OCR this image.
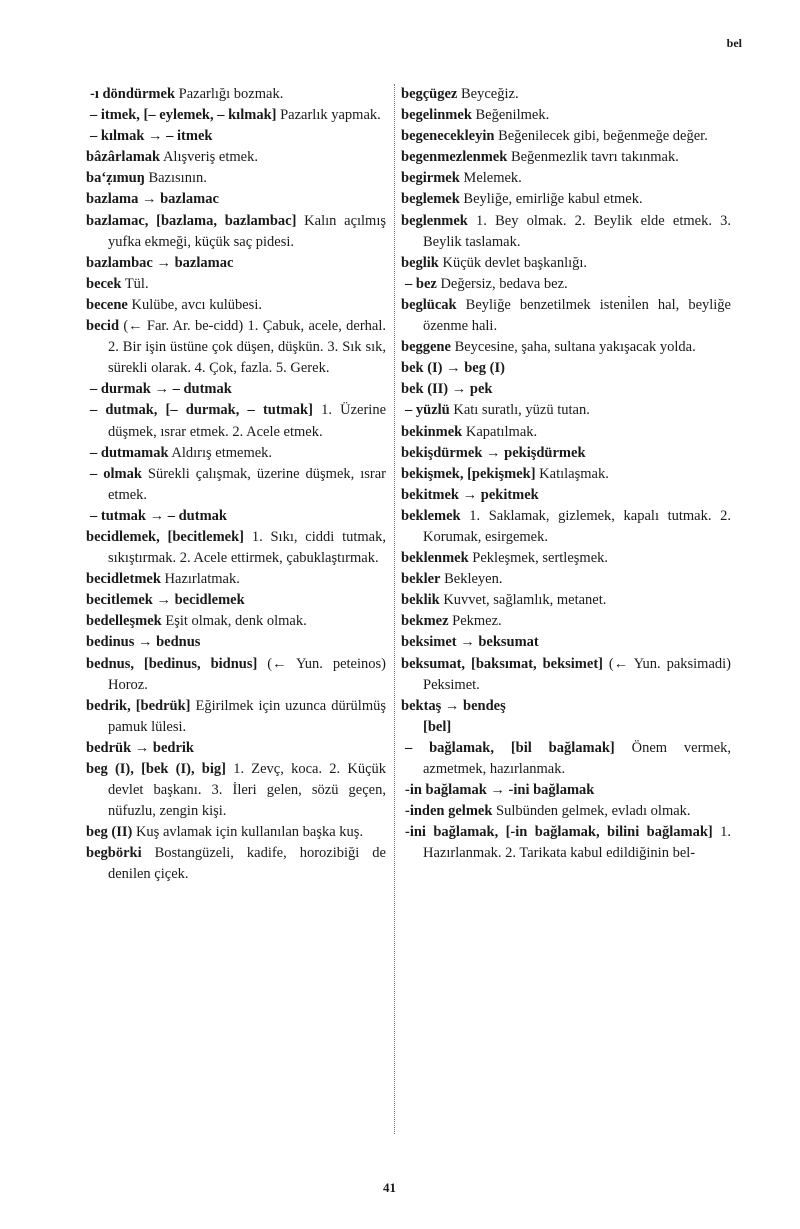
bel

-ı döndürmek Pazarlığı bozmak.

– itmek, [– eylemek, – kılmak] Pazarlık yapmak.

– kılmak → – itmek

bâzârlamak Alışveriş etmek.

ba‘ẓımuŋ Bazısının.

bazlama → bazlamac

bazlamac, [bazlama, bazlambac] Kalın açılmış yufka ekmeği, küçük saç pidesi.

bazlambac → bazlamac

becek Tül.

becene Kulübe, avcı kulübesi.

becid (← Far. Ar. be-cidd) 1. Çabuk, acele, derhal. 2. Bir işin üstüne çok düşen, düşkün. 3. Sık sık, sürekli olarak. 4. Çok, fazla. 5. Gerek.

– durmak → – dutmak

– dutmak, [– durmak, – tutmak] 1. Üzerine düşmek, ısrar etmek. 2. Acele etmek.

– dutmamak Aldırış etmemek.

– olmak Sürekli çalışmak, üzerine düşmek, ısrar etmek.

– tutmak → – dutmak

becidlemek, [becitlemek] 1. Sıkı, ciddi tutmak, sıkıştırmak. 2. Acele ettirmek, çabuklaştırmak.

becidletmek Hazırlatmak.

becitlemek → becidlemek

bedelleşmek Eşit olmak, denk olmak.

bedinus → bednus

bednus, [bedinus, bidnus] (← Yun. peteinos) Horoz.

bedrik, [bedrük] Eğirilmek için uzunca dürülmüş pamuk lülesi.

bedrük → bedrik

beg (I), [bek (I), big] 1. Zevç, koca. 2. Küçük devlet başkanı. 3. İleri gelen, sözü geçen, nüfuzlu, zengin kişi.

beg (II) Kuş avlamak için kullanılan başka kuş.

begbörki Bostangüzeli, kadife, horozibiği de denilen çiçek.

begçügez Beyceğiz.

begelinmek Beğenilmek.

begenecekleyin Beğenilecek gibi, beğenmeğe değer.

begenmezlenmek Beğenmezlik tavrı takınmak.

begirmek Melemek.

beglemek Beyliğe, emirliğe kabul etmek.

beglenmek 1. Bey olmak. 2. Beylik elde etmek. 3. Beylik taslamak.

beglik Küçük devlet başkanlığı.

– bez Değersiz, bedava bez.

beglücak Beyliğe benzetilmek isteni̇len hal, beyliğe özenme hali.

beggene Beycesine, şaha, sultana yakışacak yolda.

bek (I) → beg (I)

bek (II) → pek

– yüzlü Katı suratlı, yüzü tutan.

bekinmek Kapatılmak.

bekişdürmek → pekişdürmek

bekişmek, [pekişmek] Katılaşmak.

bekitmek → pekitmek

beklemek 1. Saklamak, gizlemek, kapalı tutmak. 2. Korumak, esirgemek.

beklenmek Pekleşmek, sertleşmek.

bekler Bekleyen.

beklik Kuvvet, sağlamlık, metanet.

bekmez Pekmez.

beksimet → beksumat

beksumat, [baksımat, beksimet] (← Yun. paksimadi) Peksimet.

bektaş → bendeş

[bel]

– bağlamak, [bil bağlamak] Önem vermek, azmetmek, hazırlanmak.

-in bağlamak → -ini bağlamak

-inden gelmek Sulbünden gelmek, evladı olmak.

-ini bağlamak, [-in bağlamak, bilini bağlamak] 1. Hazırlanmak. 2. Tarikata kabul edildiğinin bel-

41
